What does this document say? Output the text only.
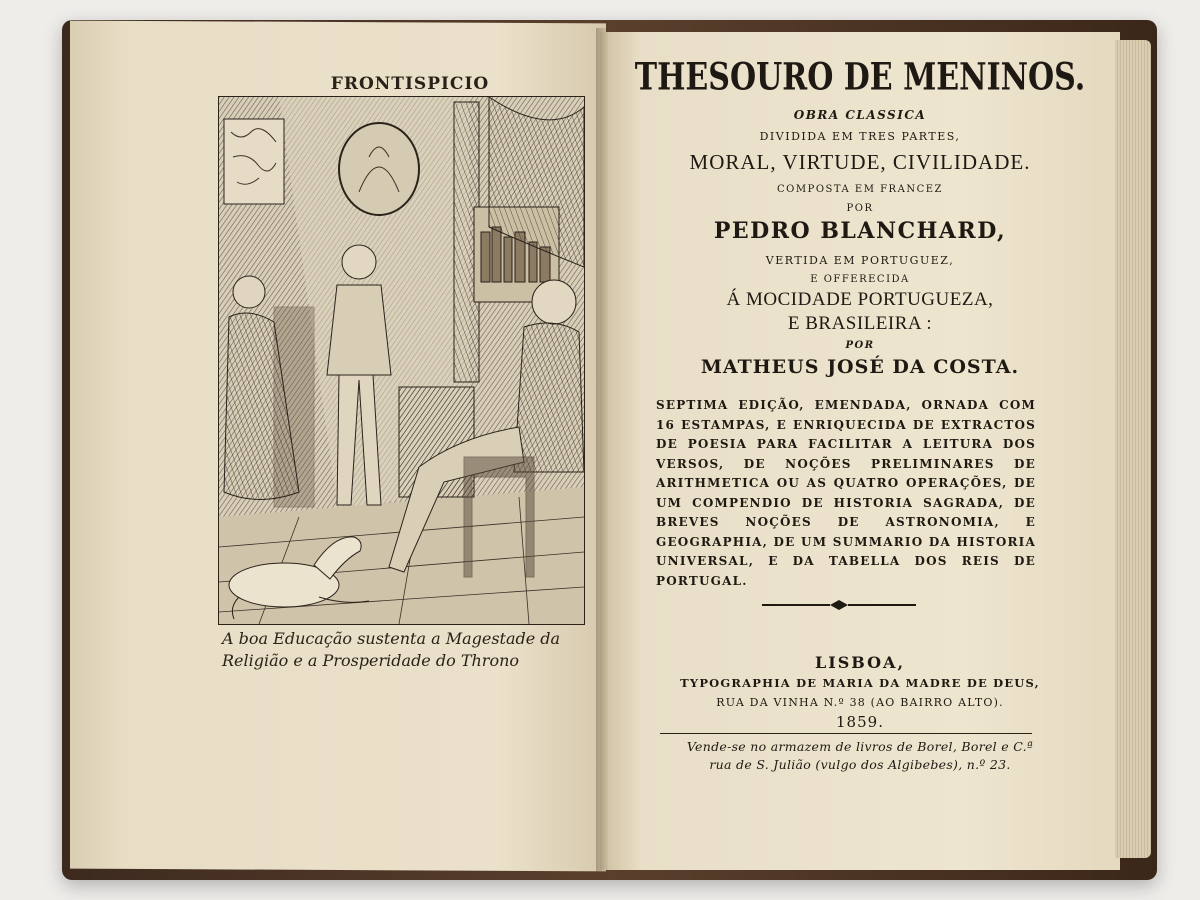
FRONTISPICIO
A boa Educação sustenta a Magestade da
Religião e a Prosperidade do Throno

THESOURO DE MENINOS.
OBRA CLASSICA
DIVIDIDA EM TRES PARTES,
MORAL, VIRTUDE, CIVILIDADE.
COMPOSTA EM FRANCEZ
POR
PEDRO BLANCHARD,
VERTIDA EM PORTUGUEZ,
E OFFERECIDA
Á MOCIDADE PORTUGUEZA,
E BRASILEIRA :
POR
MATHEUS JOSÉ DA COSTA.
SEPTIMA EDIÇÃO, EMENDADA, ORNADA COM 16 ESTAMPAS, E ENRIQUECIDA DE EXTRACTOS DE POESIA PARA FACILITAR A LEITURA DOS VERSOS, DE NOÇÕES PRELIMINARES DE ARITHMETICA OU AS QUATRO OPERAÇÕES, DE UM COMPENDIO DE HISTORIA SAGRADA, DE BREVES NOÇÕES DE ASTRONOMIA, E GEOGRAPHIA, DE UM SUMMARIO DA HISTORIA UNIVERSAL, E DA TABELLA DOS REIS DE PORTUGAL.
LISBOA,
TYPOGRAPHIA DE MARIA DA MADRE DE DEUS,
RUA DA VINHA N.º 38 (AO BAIRRO ALTO).
1859.
Vende-se no armazem de livros de Borel, Borel e C.ª
rua de S. Julião (vulgo dos Algibebes), n.º 23.
